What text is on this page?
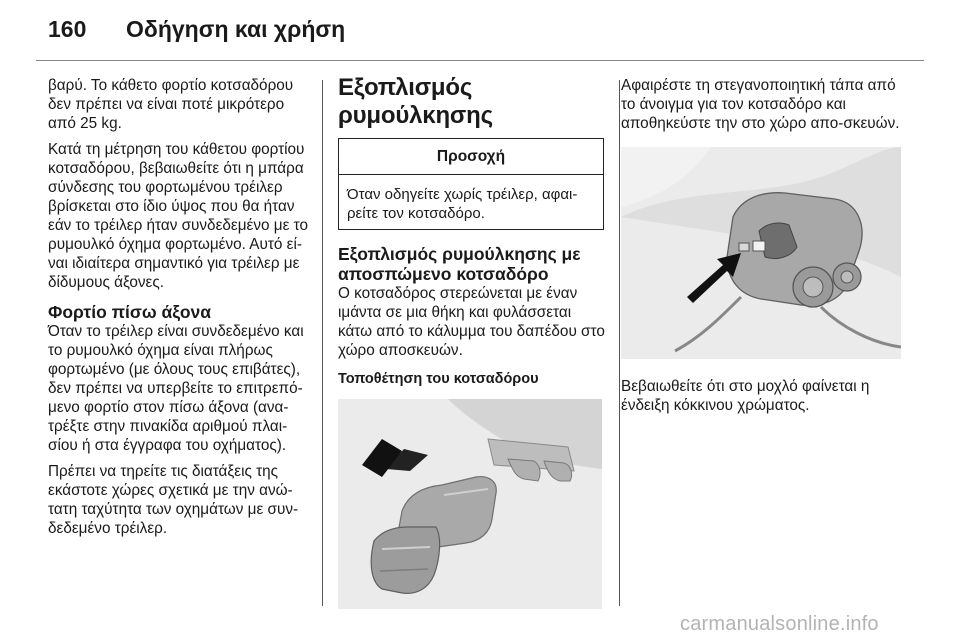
160 Οδήγηση και χρήση

βαρύ. Το κάθετο φορτίο κοτσαδόρου δεν πρέπει να είναι ποτέ μικρότερο από 25 kg.

Κατά τη μέτρηση του κάθετου φορτίου κοτσαδόρου, βεβαιωθείτε ότι η μπάρα σύνδεσης του φορτωμένου τρέιλερ βρίσκεται στο ίδιο ύψος που θα ήταν εάν το τρέιλερ ήταν συνδεδεμένο με το ρυμουλκό όχημα φορτωμένο. Αυτό εί-ναι ιδιαίτερα σημαντικό για τρέιλερ με δίδυμους άξονες.

Φορτίο πίσω άξονα

Όταν το τρέιλερ είναι συνδεδεμένο και το ρυμουλκό όχημα είναι πλήρως φορτωμένο (με όλους τους επιβάτες), δεν πρέπει να υπερβείτε το επιτρεπό-μενο φορτίο στον πίσω άξονα (ανα-τρέξτε στην πινακίδα αριθμού πλαι-σίου ή στα έγγραφα του οχήματος).

Πρέπει να τηρείτε τις διατάξεις της εκάστοτε χώρες σχετικά με την ανώ-τατη ταχύτητα των οχημάτων με συν-δεδεμένο τρέιλερ.

Εξοπλισμός ρυμούλκησης
Προσοχή
Όταν οδηγείτε χωρίς τρέιλερ, αφαι-ρείτε τον κοτσαδόρο.
Εξοπλισμός ρυμούλκησης με αποσπώμενο κοτσαδόρο

Ο κοτσαδόρος στερεώνεται με έναν ιμάντα σε μια θήκη και φυλάσσεται κάτω από το κάλυμμα του δαπέδου στο χώρο αποσκευών.

Τοποθέτηση του κοτσαδόρου

Αφαιρέστε τη στεγανοποιητική τάπα από το άνοιγμα για τον κοτσαδόρο και αποθηκεύστε την στο χώρο απο-σκευών.

Βεβαιωθείτε ότι στο μοχλό φαίνεται η ένδειξη κόκκινου χρώματος.

carmanualsonline.info
